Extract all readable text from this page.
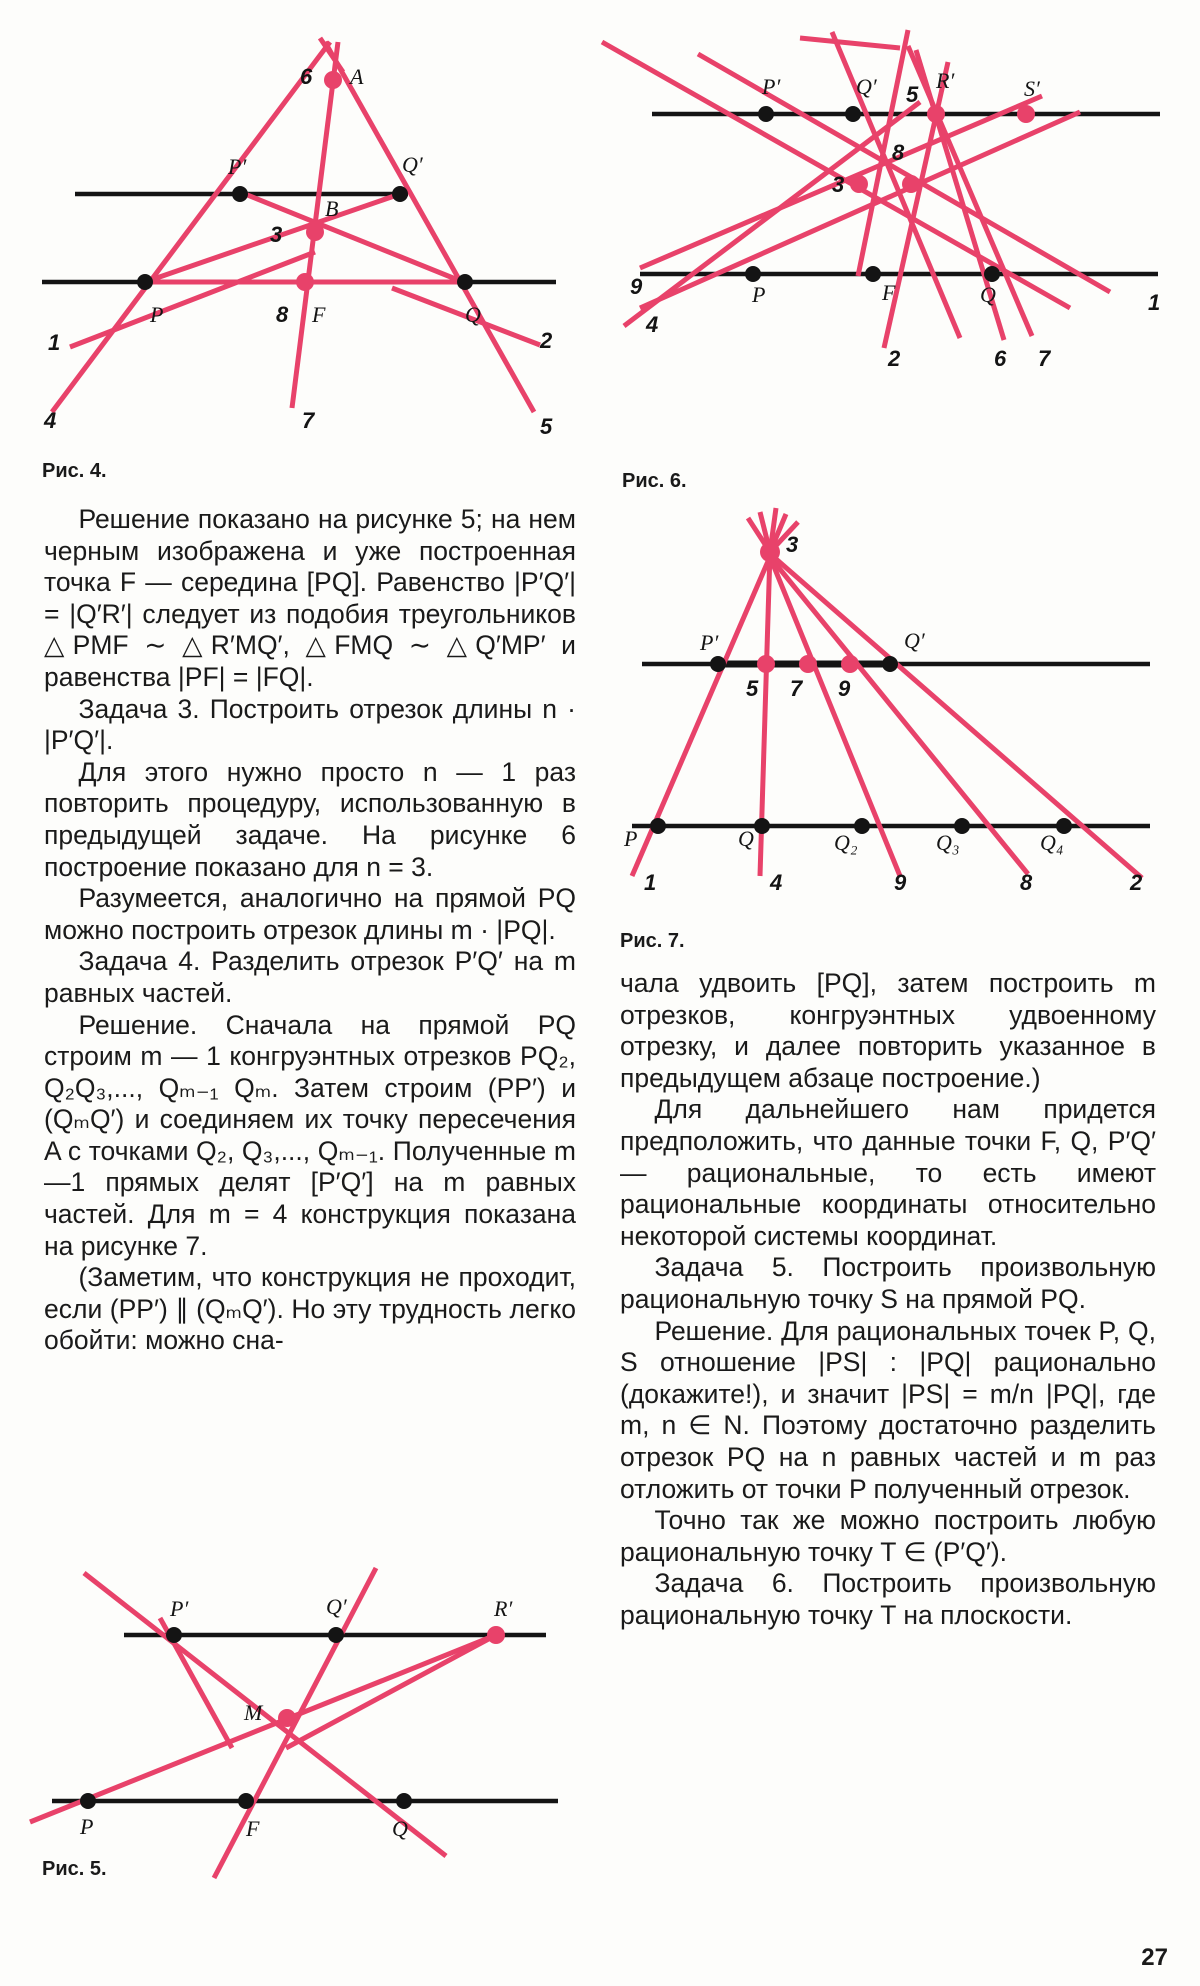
A
B
P′	Q′
P	F	Q
1	2
3
4	5
6
7
8
Рис. 4.
P′	Q′	R′	S′
P	F	Q	1
2
3
4
5
6 7
8
9
Рис. 6.
P′	Q′
P	Q	Q₂	Q₃	Q₄
3
5 7 9
1	4	9	8	2
Рис. 7.
P′	Q′	R′
M
P	F	Q
Рис. 5.

Решение показано на рисунке 5; на нем черным изображена и уже построенная точка F — середина [PQ]. Равенство |P′Q′| = |Q′R′| следует из подобия треугольников △PMF ∼ △R′MQ′, △FMQ ∼ △Q′MP′ и равенства |PF| = |FQ|.

Задача 3. Построить отрезок длины n · |P′Q′|.

Для этого нужно просто n — 1 раз повторить процедуру, использованную в предыдущей задаче. На рисунке 6 построение показано для n = 3.

Разумеется, аналогично на прямой PQ можно построить отрезок длины m · |PQ|.

Задача 4. Разделить отрезок P′Q′ на m равных частей.

Решение. Сначала на прямой PQ строим m — 1 конгруэнтных отрезков PQ₂, Q₂Q₃,..., Qₘ₋₁ Qₘ. Затем строим (PP′) и (QₘQ′) и соединяем их точку пересечения A с точками Q₂, Q₃,..., Qₘ₋₁. Полученные m—1 прямых делят [P′Q′] на m равных частей. Для m = 4 конструкция показана на рисунке 7.

(Заметим, что конструкция не проходит, если (PP′) ∥ (QₘQ′). Но эту трудность легко обойти: можно сна-

чала удвоить [PQ], затем построить m отрезков, конгруэнтных удвоенному отрезку, и далее повторить указанное в предыдущем абзаце построение.)

Для дальнейшего нам придется предположить, что данные точки F, Q, P′Q′ — рациональные, то есть имеют рациональные координаты относительно некоторой системы координат.

Задача 5. Построить произвольную рациональную точку S на прямой PQ.

Решение. Для рациональных точек P, Q, S отношение |PS| : |PQ| рационально (докажите!), и значит |PS| = m/n |PQ|, где m, n ∈ N. Поэтому достаточно разделить отрезок PQ на n равных частей и m раз отложить от точки P полученный отрезок.

Точно так же можно построить любую рациональную точку T ∈ (P′Q′).

Задача 6. Построить произвольную рациональную точку T на плоскости.

27
